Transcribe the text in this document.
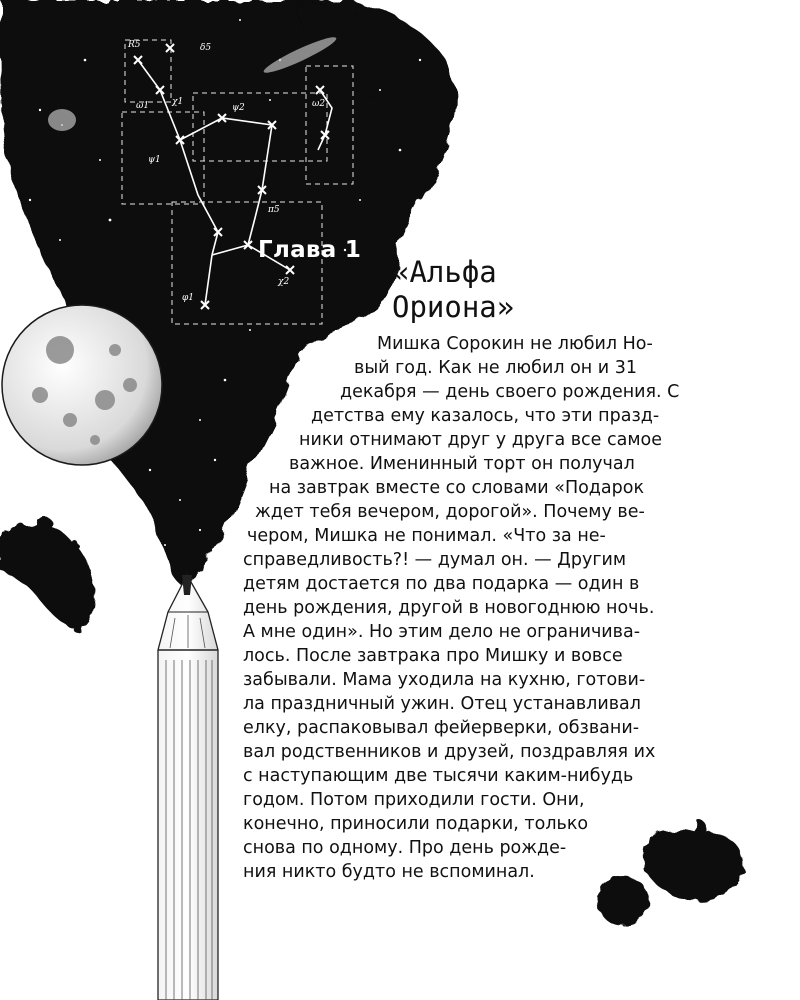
R5	δ5
ω1	χ1
ψ1
ψ2
π5
φ1
ω2
χ2
Глава 1
«Альфа
Ориона»

Мишка Сорокин не любил Но-

вый год. Как не любил он и 31

декабря — день своего рождения. С

детства ему казалось, что эти празд-

ники отнимают друг у друга все самое

важное. Именинный торт он получал

на завтрак вместе со словами «Подарок

ждет тебя вечером, дорогой». Почему ве-

чером, Мишка не понимал. «Что за не-

справедливость?! — думал он. — Другим

детям достается по два подарка — один в

день рождения, другой в новогоднюю ночь.

А мне один». Но этим дело не ограничива-

лось. После завтрака про Мишку и вовсе

забывали. Мама уходила на кухню, готови-

ла праздничный ужин. Отец устанавливал

елку, распаковывал фейерверки, обзвани-

вал родственников и друзей, поздравляя их

с наступающим две тысячи каким-нибудь

годом. Потом приходили гости. Они,

конечно, приносили подарки, только

снова по одному. Про день рожде-

ния никто будто не вспоминал.
